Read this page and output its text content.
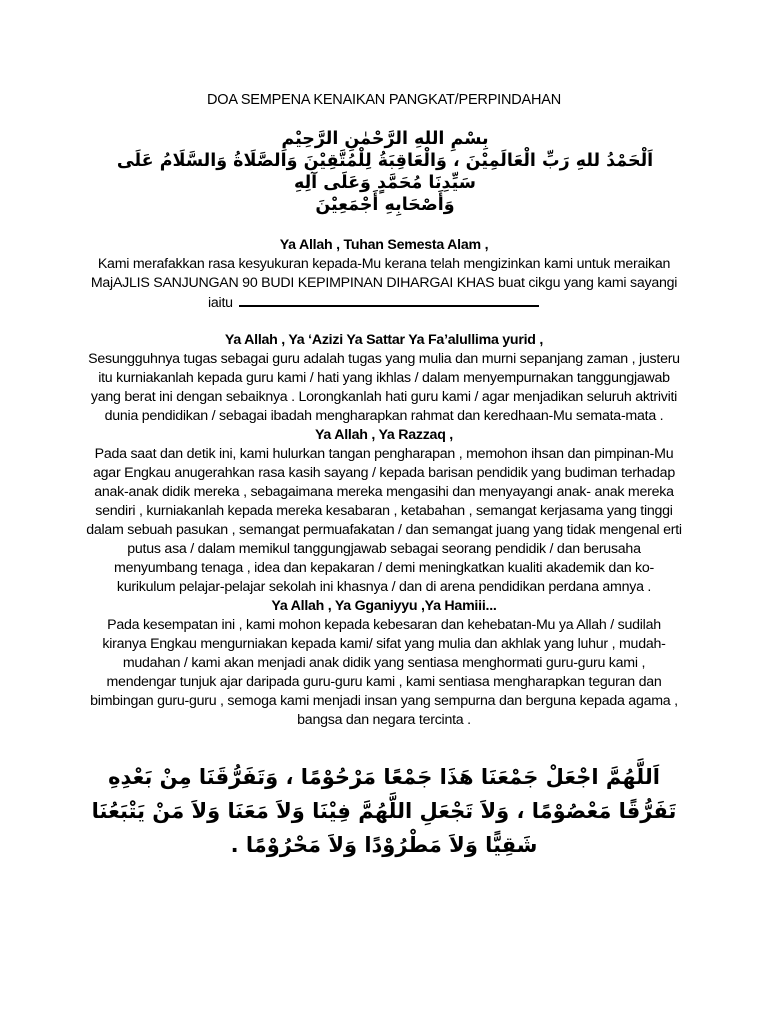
DOA SEMPENA KENAIKAN PANGKAT/PERPINDAHAN
بِسْمِ اللهِ الرَّحْمٰنِ الرَّحِيْمِ
اَلْحَمْدُ للهِ رَبِّ الْعَالَمِيْنَ ، وَالْعَاقِبَةُ لِلْمُتَّقِيْنَ وَالصَّلَاةُ وَالسَّلَامُ عَلَى
سَيِّدِنَا مُحَمَّدٍ وَعَلَى آلِهِ
وَأَصْحَابِهِ أَجْمَعِيْنَ
Ya Allah , Tuhan Semesta Alam ,
Kami merafakkan rasa kesyukuran kepada-Mu kerana telah mengizinkan kami untuk meraikan
MajAJLIS SANJUNGAN 90 BUDI KEPIMPINAN DIHARGAI KHAS buat cikgu yang kami sayangi
iaitu
Ya Allah , Ya ‘Azizi Ya Sattar Ya Fa’alullima yurid ,
Sesungguhnya tugas sebagai guru adalah tugas yang mulia dan murni sepanjang zaman , justeru
itu kurniakanlah kepada guru kami / hati yang ikhlas / dalam menyempurnakan tanggungjawab
yang berat ini dengan sebaiknya . Lorongkanlah hati guru kami / agar menjadikan seluruh aktriviti
dunia pendidikan / sebagai ibadah mengharapkan rahmat dan keredhaan-Mu semata-mata .
Ya Allah , Ya Razzaq ,
Pada saat dan detik ini, kami hulurkan tangan pengharapan , memohon ihsan dan pimpinan-Mu
agar Engkau anugerahkan rasa kasih sayang / kepada barisan pendidik yang budiman terhadap
anak-anak didik mereka , sebagaimana mereka mengasihi dan menyayangi anak- anak mereka
sendiri , kurniakanlah kepada mereka kesabaran , ketabahan , semangat kerjasama yang tinggi
dalam sebuah pasukan , semangat permuafakatan / dan semangat juang yang tidak mengenal erti
putus asa / dalam memikul tanggungjawab sebagai seorang pendidik / dan berusaha
menyumbang tenaga , idea dan kepakaran / demi meningkatkan kualiti akademik dan ko-
kurikulum pelajar-pelajar sekolah ini khasnya / dan di arena pendidikan perdana amnya .
Ya Allah , Ya Gganiyyu ,Ya Hamiii...
Pada kesempatan ini , kami mohon kepada kebesaran dan kehebatan-Mu ya Allah / sudilah
kiranya Engkau mengurniakan kepada kami/ sifat yang mulia dan akhlak yang luhur , mudah-
mudahan / kami akan menjadi anak didik yang sentiasa menghormati guru-guru kami ,
mendengar tunjuk ajar daripada guru-guru kami , kami sentiasa mengharapkan teguran dan
bimbingan guru-guru , semoga kami menjadi insan yang sempurna dan berguna kepada agama ,
bangsa dan negara tercinta .
اَللَّهُمَّ اجْعَلْ جَمْعَنَا هَذَا جَمْعًا مَرْحُوْمًا ، وَتَفَرُّقَنَا مِنْ بَعْدِهِ
تَفَرُّقًا مَعْصُوْمًا ، وَلاَ تَجْعَلِ اللَّهُمَّ فِيْنَا وَلاَ مَعَنَا وَلاَ مَنْ يَتْبَعُنَا
شَقِيًّا وَلاَ مَطْرُوْدًا وَلاَ مَحْرُوْمًا .
